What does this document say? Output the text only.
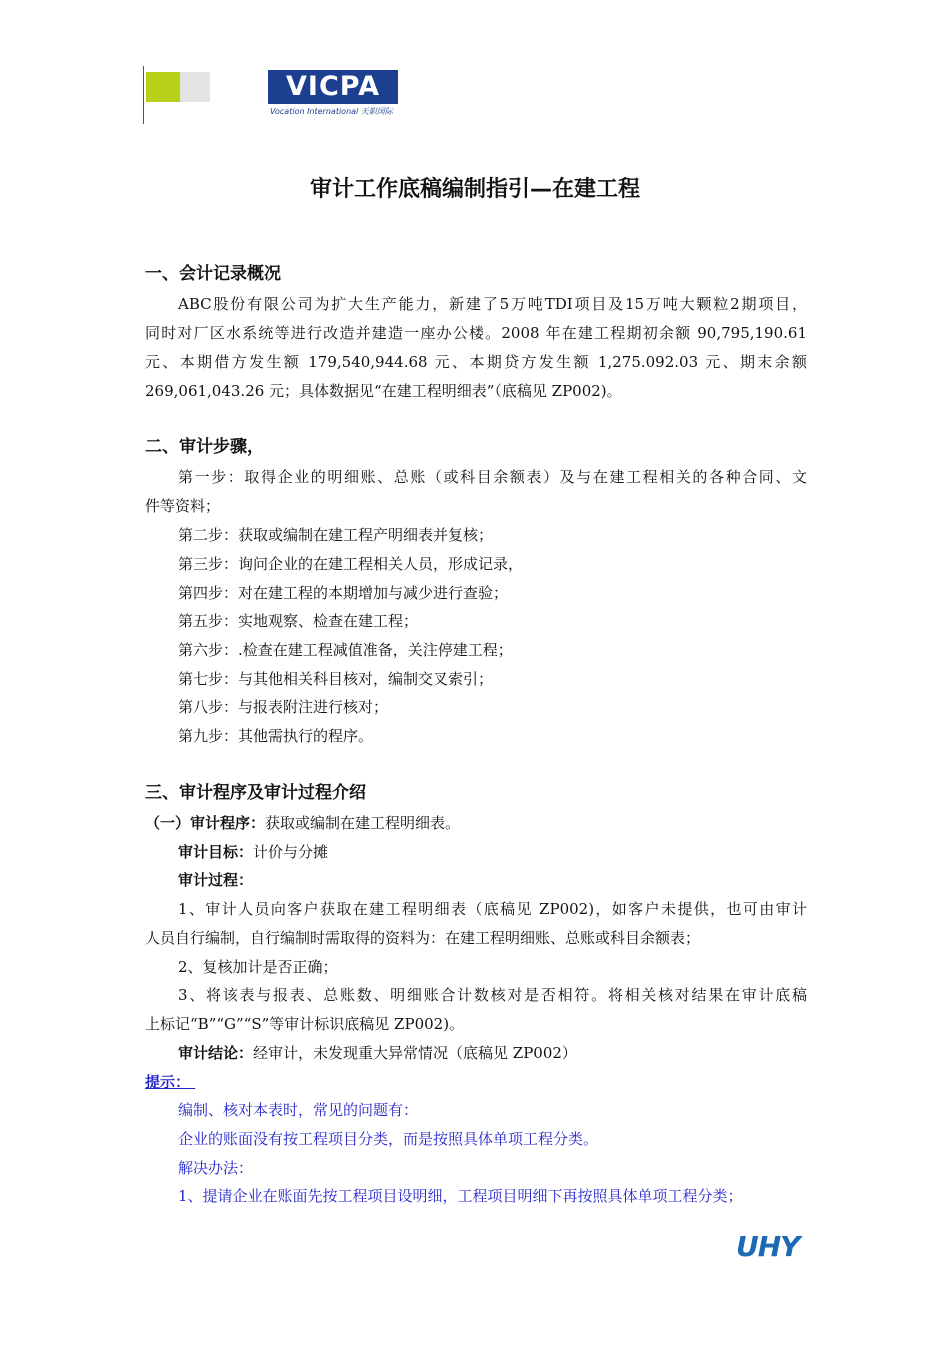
VICPA
Vocation International 天职国际
审计工作底稿编制指引—在建工程
一、会计记录概况
ABC股份有限公司为扩大生产能力，新建了5万吨TDI项目及15万吨大颗粒2期项目，
同时对厂区水系统等进行改造并建造一座办公楼。2008 年在建工程期初余额 90,795,190.61
元、本期借方发生额 179,540,944.68 元、本期贷方发生额 1,275.092.03 元、期末余额
269,061,043.26 元；具体数据见“在建工程明细表”（底稿见 ZP002)。
二、审计步骤，
第一步：取得企业的明细账、总账（或科目余额表）及与在建工程相关的各种合同、文
件等资料；
第二步：获取或编制在建工程产明细表并复核；
第三步：询问企业的在建工程相关人员，形成记录，
第四步：对在建工程的本期增加与减少进行查验；
第五步：实地观察、检查在建工程；
第六步：.检查在建工程减值准备，关注停建工程；
第七步：与其他相关科目核对，编制交叉索引；
第八步：与报表附注进行核对；
第九步：其他需执行的程序。
三、审计程序及审计过程介绍
（一）审计程序：获取或编制在建工程明细表。
审计目标：计价与分摊
审计过程：
1、审计人员向客户获取在建工程明细表（底稿见 ZP002)，如客户未提供，也可由审计
人员自行编制，自行编制时需取得的资料为：在建工程明细账、总账或科目余额表；
2、复核加计是否正确；
3、将该表与报表、总账数、明细账合计数核对是否相符。将相关核对结果在审计底稿
上标记“B”“G”“S”等审计标识底稿见 ZP002)。
审计结论：经审计，未发现重大异常情况（底稿见 ZP002）
提示：
编制、核对本表时，常见的问题有：
企业的账面没有按工程项目分类，而是按照具体单项工程分类。
解决办法：
1、提请企业在账面先按工程项目设明细，工程项目明细下再按照具体单项工程分类；
UHY
